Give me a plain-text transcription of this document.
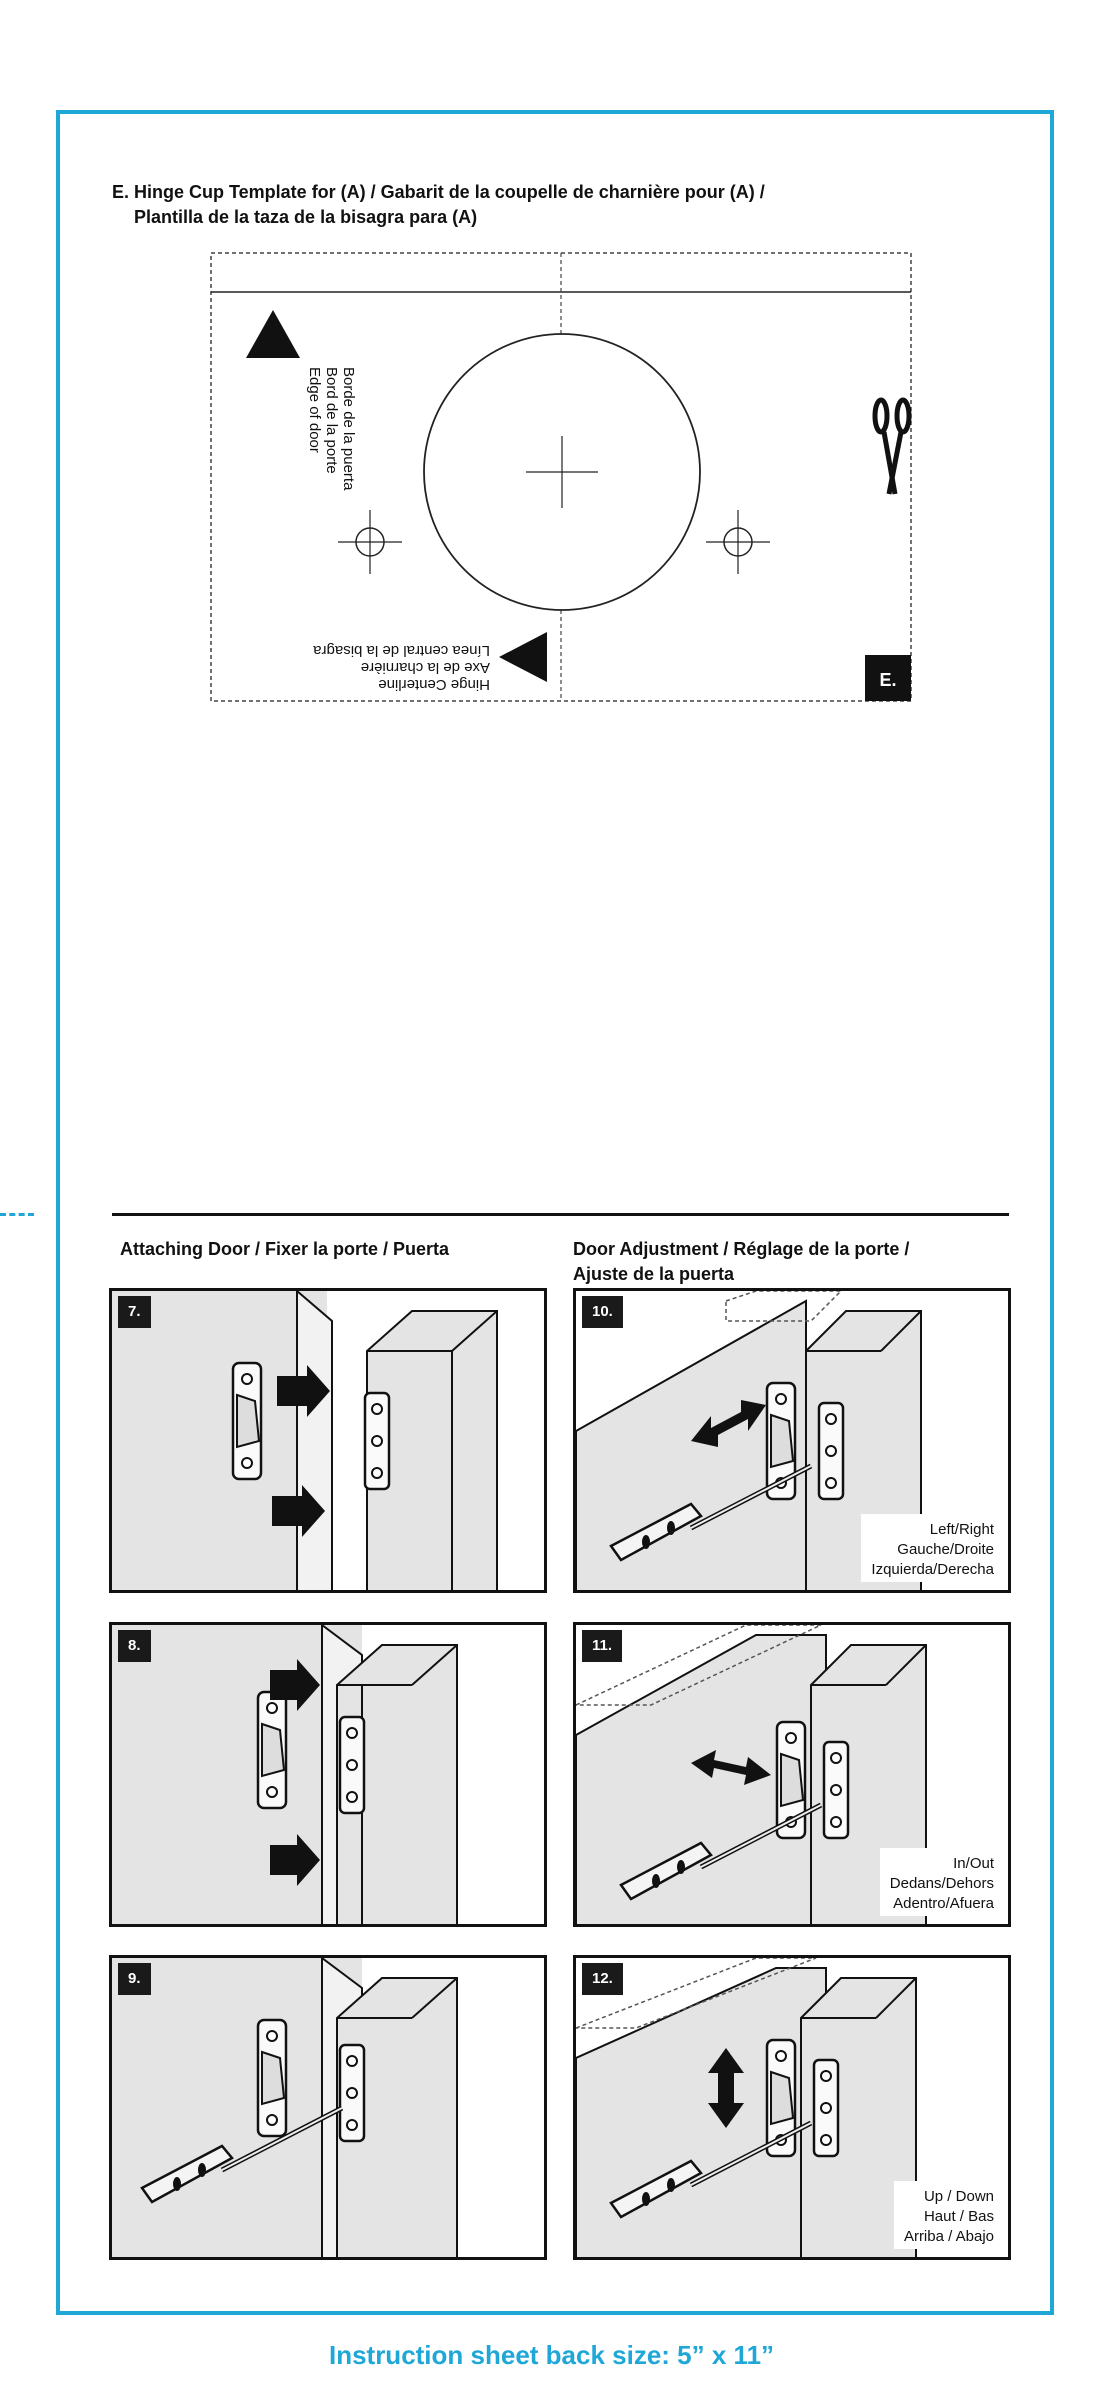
E. Hinge Cup Template for (A) / Gabarit de la coupelle de charnière pour (A) /
Plantilla de la taza de la bisagra para (A)
Edge of door Bord de la porte Borde de la puerta
Hinge Centerline
Axe de la charnière
Línea central de la bisagra
E.
Attaching Door / Fixer la porte / Puerta	Door Adjustment / Réglage de la porte /
Ajuste de la puerta
7.
8.
9.
10.
Left/Right
Gauche/Droite
Izquierda/Derecha
11.
In/Out
Dedans/Dehors
Adentro/Afuera
12.
Up / Down
Haut / Bas
Arriba / Abajo
Instruction sheet back size: 5” x 11”
